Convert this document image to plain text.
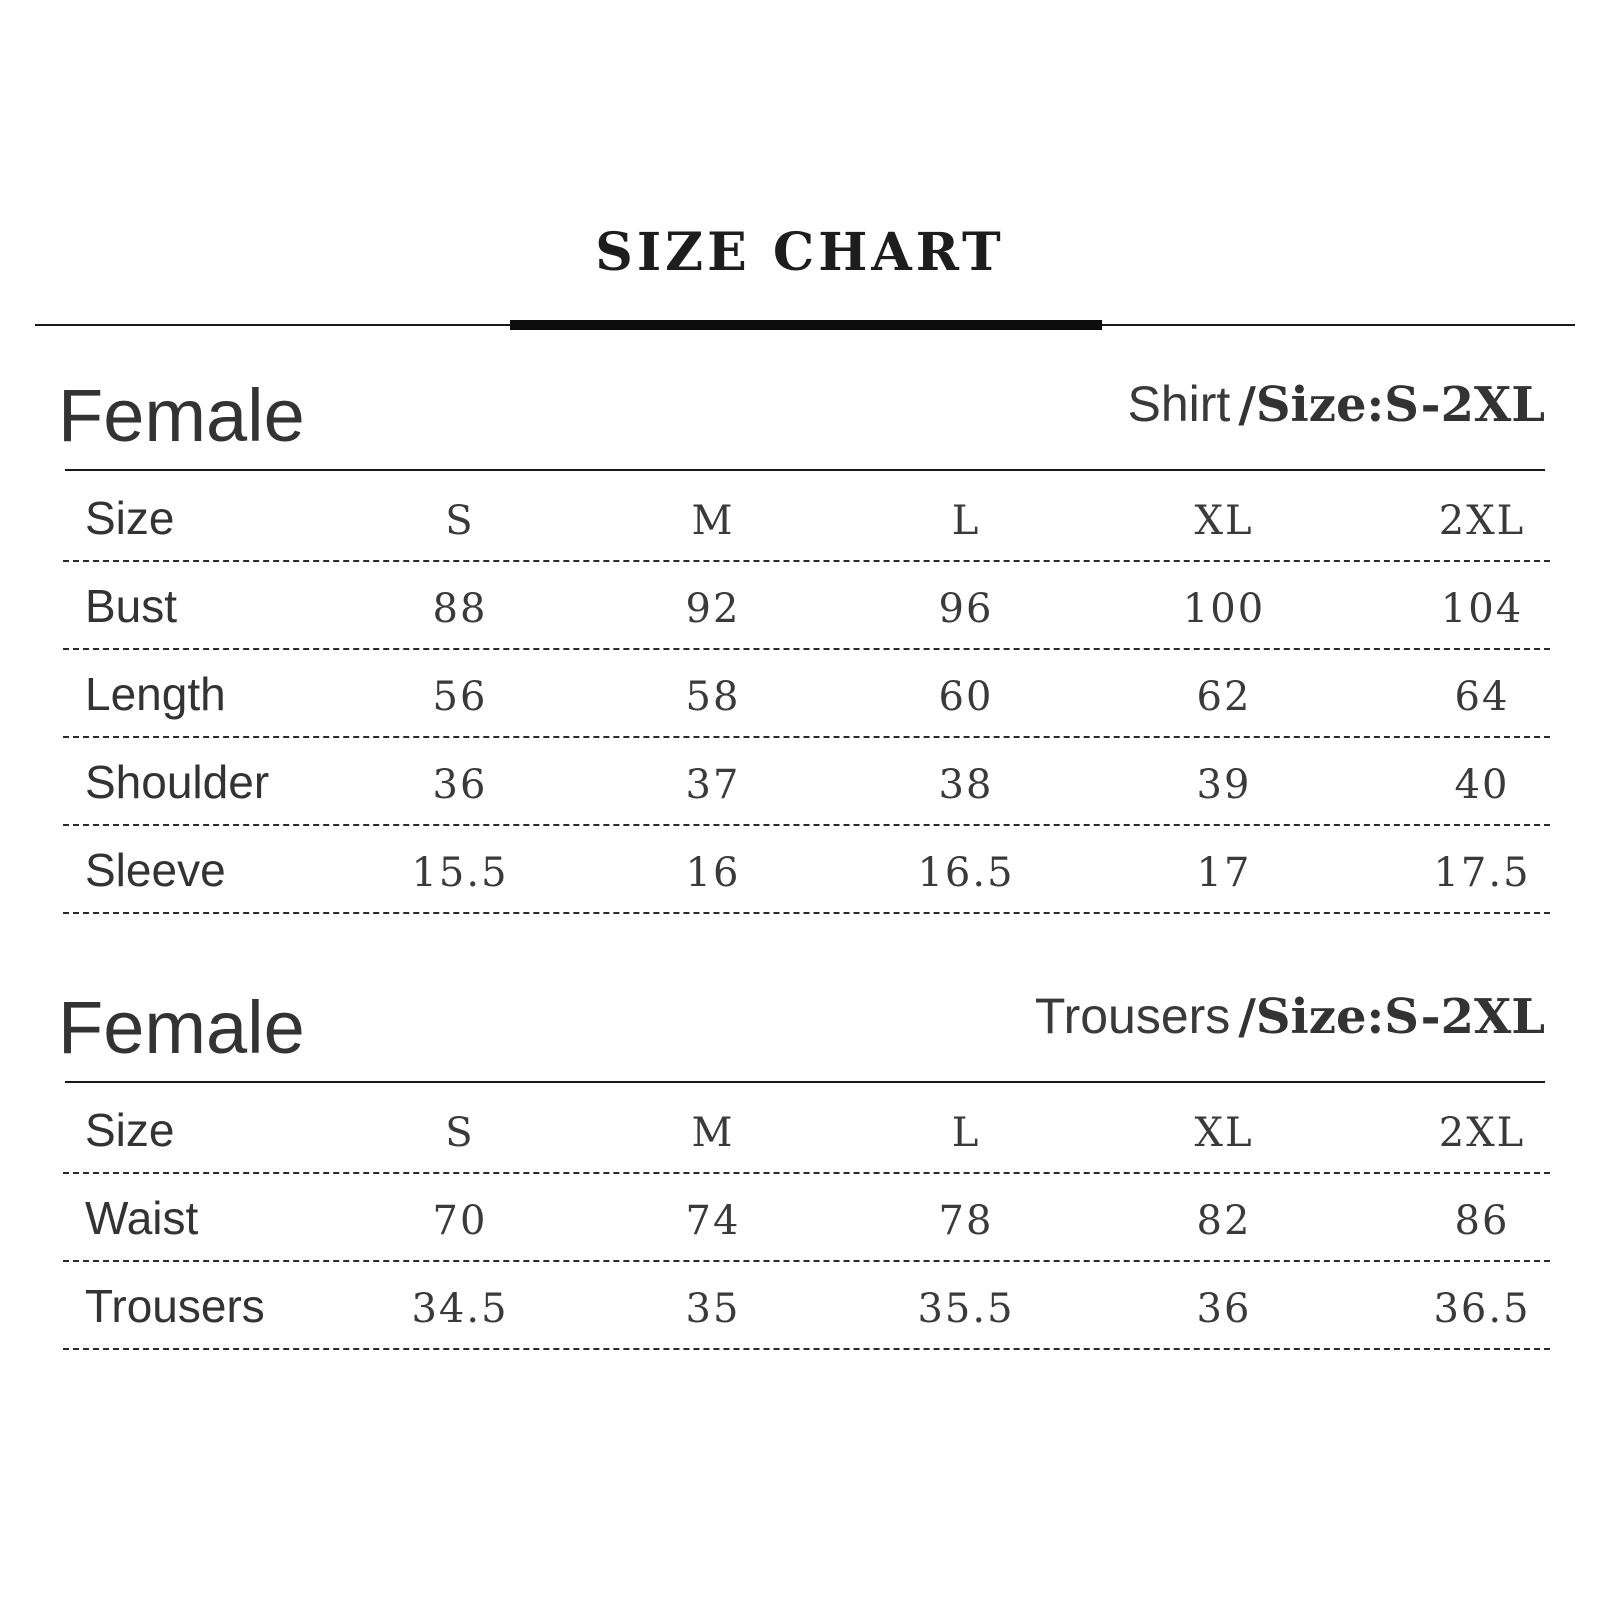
SIZE CHART
Female	Shirt /Size:S-2XL
Size	S	M	L	XL	2XL
Bust	88	92	96	100	104
Length	56	58	60	62	64
Shoulder	36	37	38	39	40
Sleeve	15.5	16	16.5	17	17.5
Female	Trousers /Size:S-2XL
Size	S	M	L	XL	2XL
Waist	70	74	78	82	86
Trousers	34.5	35	35.5	36	36.5
